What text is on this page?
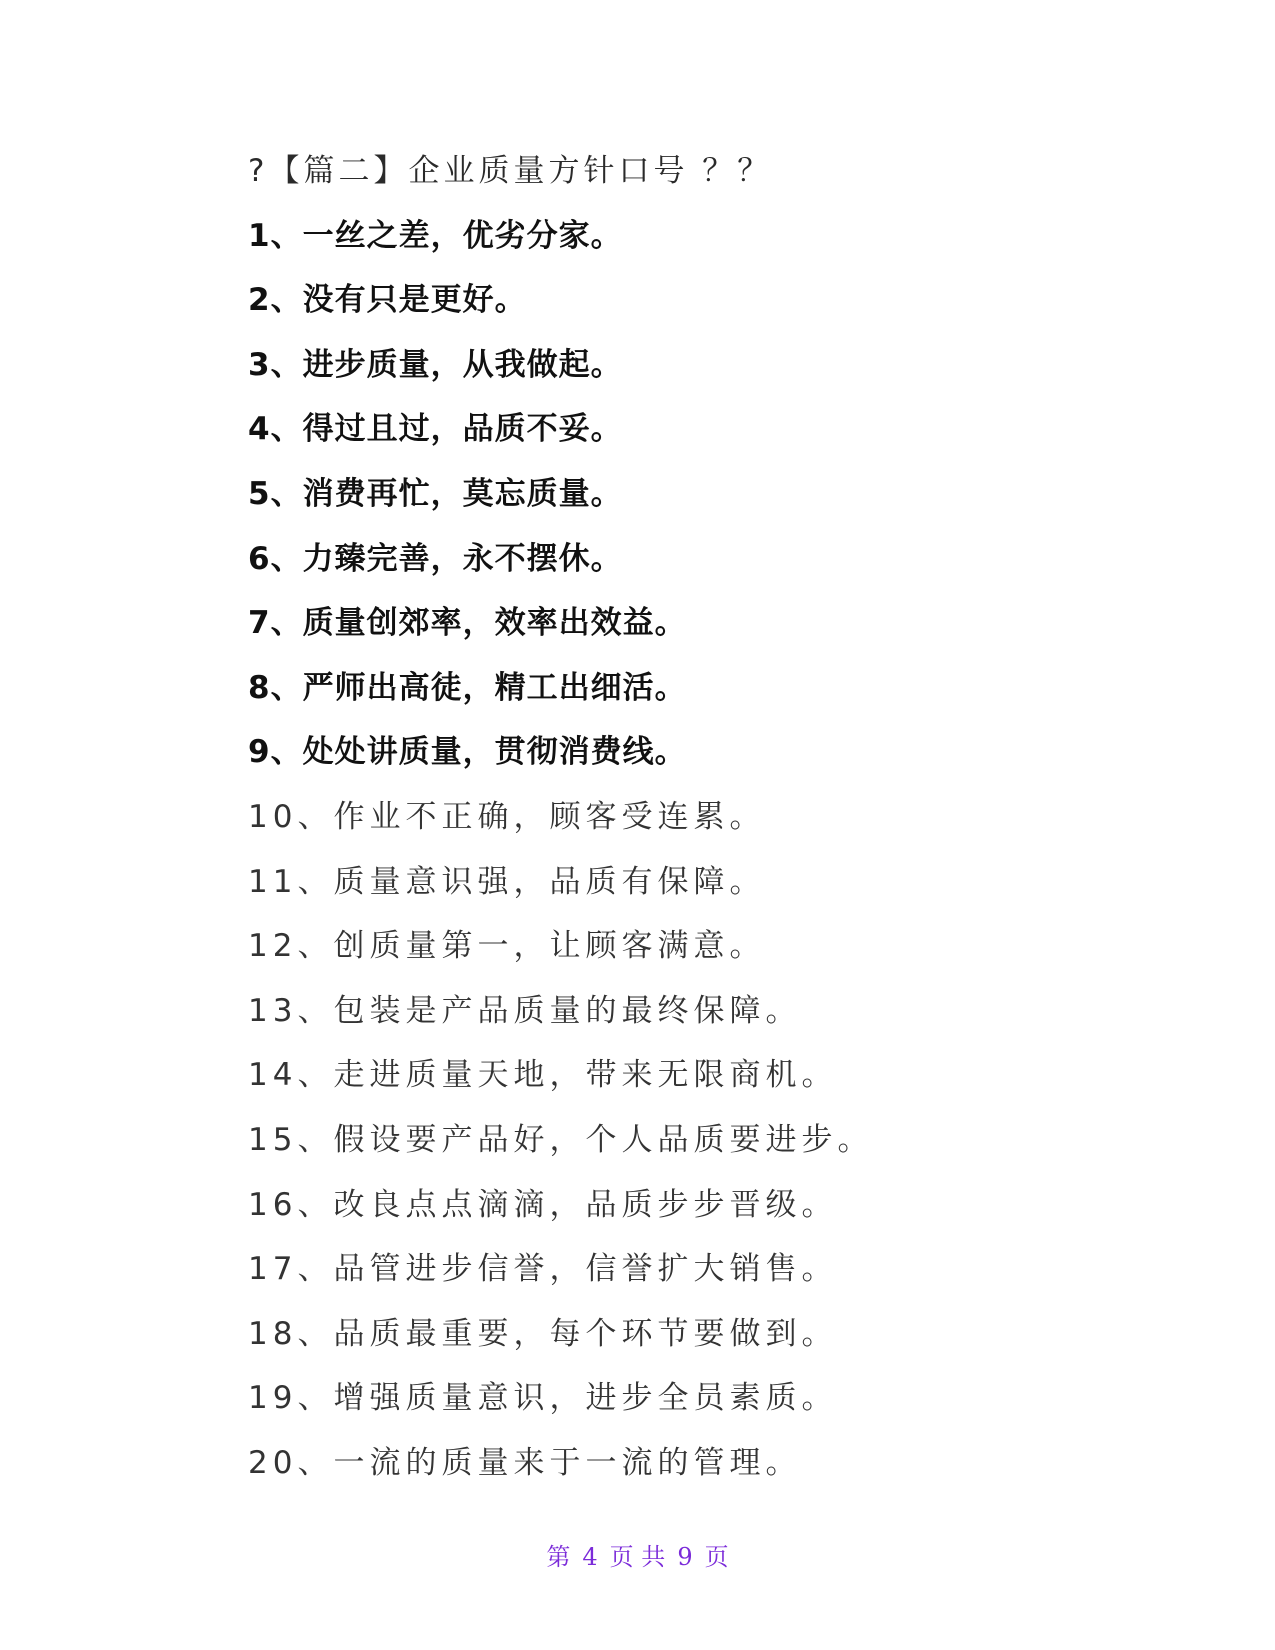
?【篇二】企业质量方针口号 ？？
1、一丝之差，优劣分家。
2、没有只是更好。
3、进步质量，从我做起。
4、得过且过，品质不妥。
5、消费再忙，莫忘质量。
6、力臻完善，永不摆休。
7、质量创郊率，效率出效益。
8、严师出高徒，精工出细活。
9、处处讲质量，贯彻消费线。
10、作业不正确，顾客受连累。
11、质量意识强，品质有保障。
12、创质量第一，让顾客满意。
13、包装是产品质量的最终保障。
14、走进质量天地，带来无限商机。
15、假设要产品好，个人品质要进步。
16、改良点点滴滴，品质步步晋级。
17、品管进步信誉，信誉扩大销售。
18、品质最重要，每个环节要做到。
19、增强质量意识，进步全员素质。
20、一流的质量来于一流的管理。
第 4 页 共 9 页
